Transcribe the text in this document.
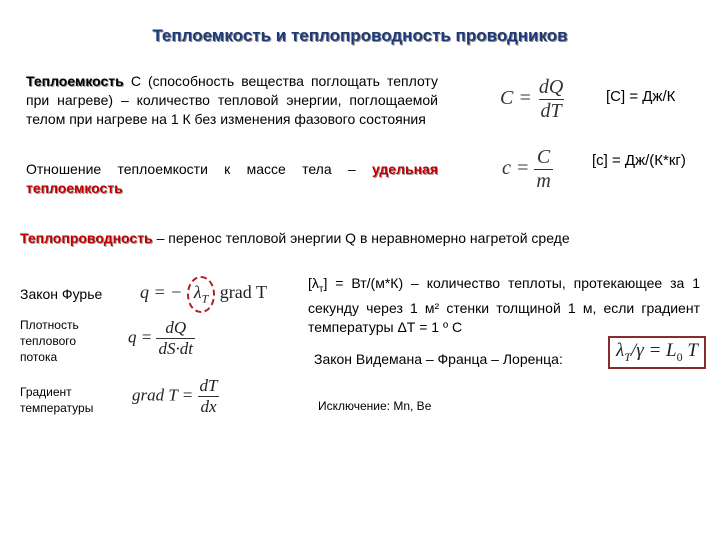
Теплоемкость и теплопроводность проводников
Теплоемкость С (способность вещества поглощать теплоту при нагреве) – количество тепловой энергии, поглощаемой телом при нагреве на 1 К без изменения фазового состояния
$C = \frac{dQ}{dT}$	[C] = Дж/К
Отношение теплоемкости к массе тела – удельная теплоемкость
$c = \frac{C}{m}$	[c] = Дж/(К*кг)
Теплопроводность – перенос тепловой энергии Q в неравномерно нагретой среде
Закон Фурье q = − $\lambda_T$ grad T	$[\lambda_т] = Вт/(м*К)$ – количество теплоты, протекающее за 1 секунду через 1 м² стенки толщиной 1 м, если градиент температуры ΔТ = 1 º С
Плотность теплового потока
$q = \frac{dQ}{dS\cdot dt}$	Закон Видемана – Франца – Лоренца:	$\lambda_T/\gamma = L_0$ T
Градиент температуры
grad $T = \frac{dT}{dx}$	Исключение: Mn, Be
